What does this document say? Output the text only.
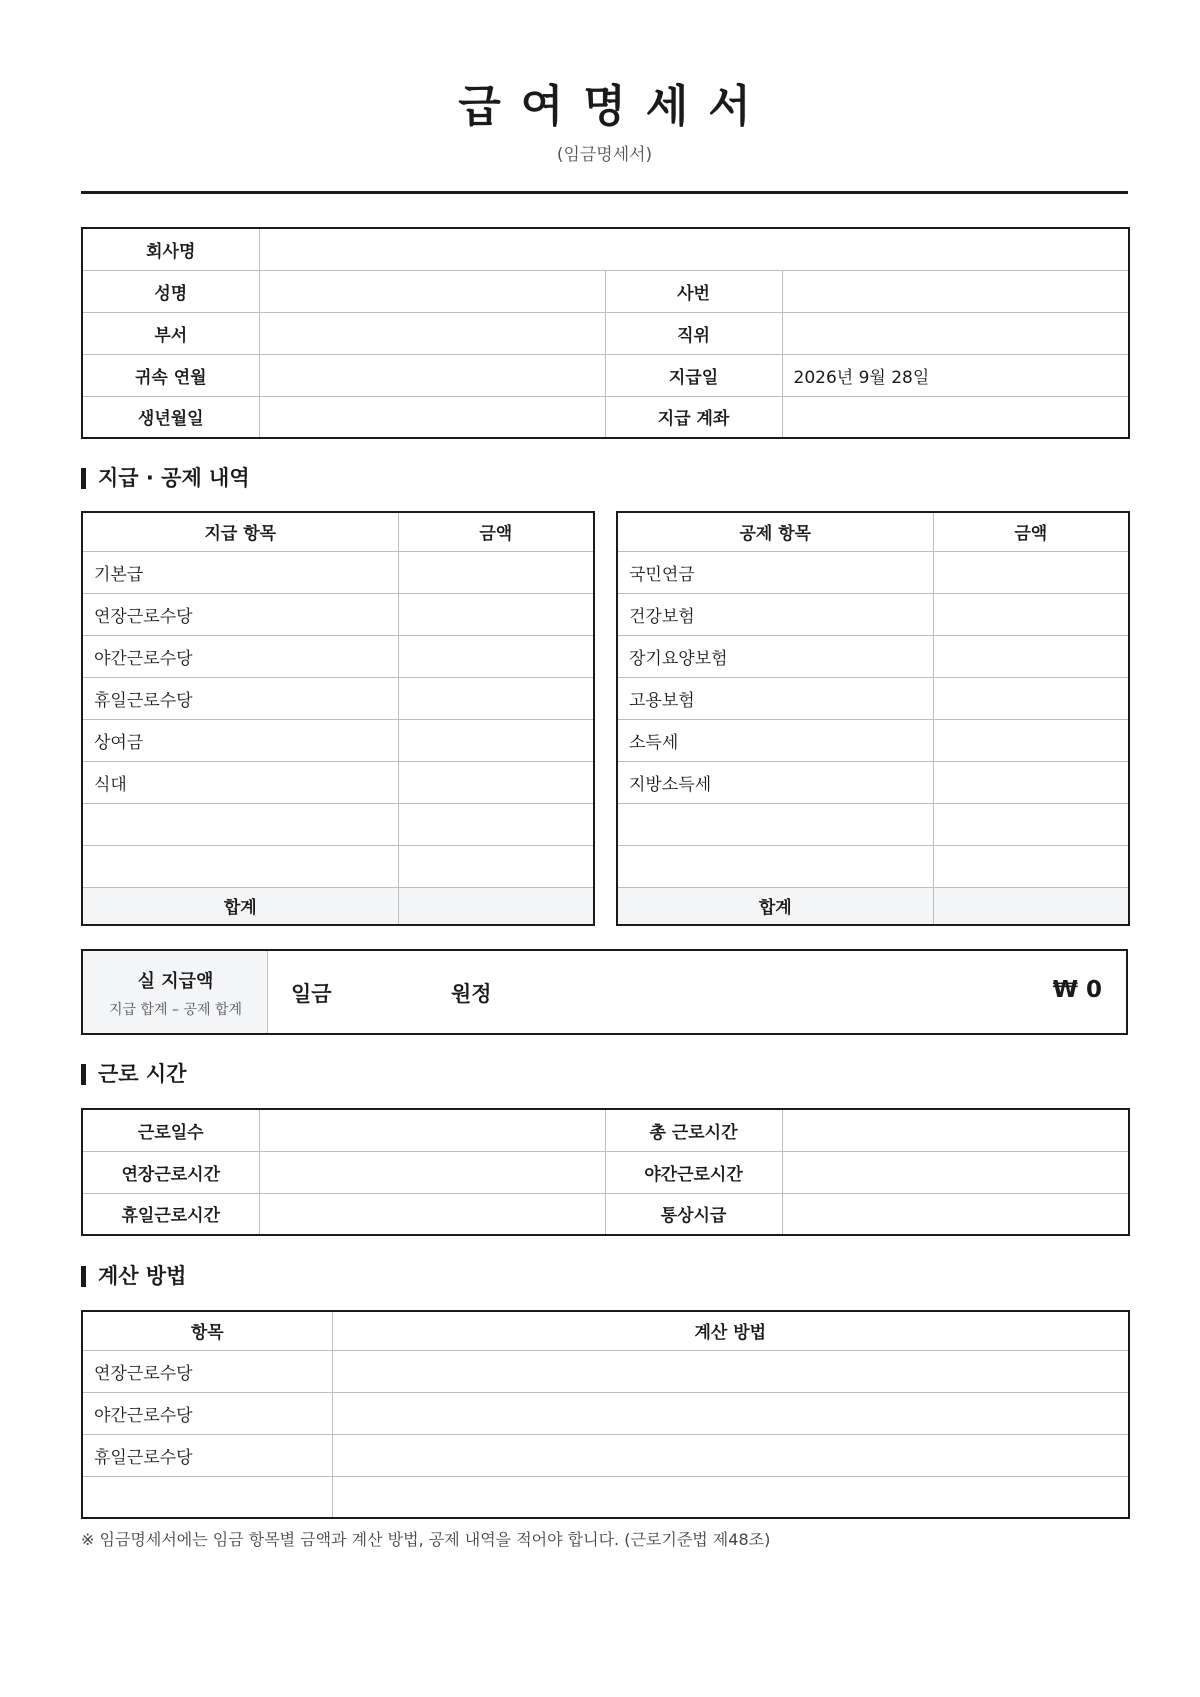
급여명세서
(임금명세서)
회사명			
성명		사번	
부서		직위	
귀속 연월		지급일	2026년 9월 28일
생년월일		지급 계좌	
지급 · 공제 내역
지급 항목	금액
기본급	
연장근로수당	
야간근로수당	
휴일근로수당	
상여금	
식대	

합계	
공제 항목	금액
국민연금	
건강보험	
장기요양보험	
고용보험	
소득세	
지방소득세	

합계	
실 지급액
지급 합계 – 공제 합계
일금	원정	₩ 0
근로 시간
근로일수		총 근로시간	
연장근로시간		야간근로시간	
휴일근로시간		통상시급	
계산 방법
항목	계산 방법
연장근로수당	
야간근로수당	
휴일근로수당	

※ 임금명세서에는 임금 항목별 금액과 계산 방법, 공제 내역을 적어야 합니다. (근로기준법 제48조)
